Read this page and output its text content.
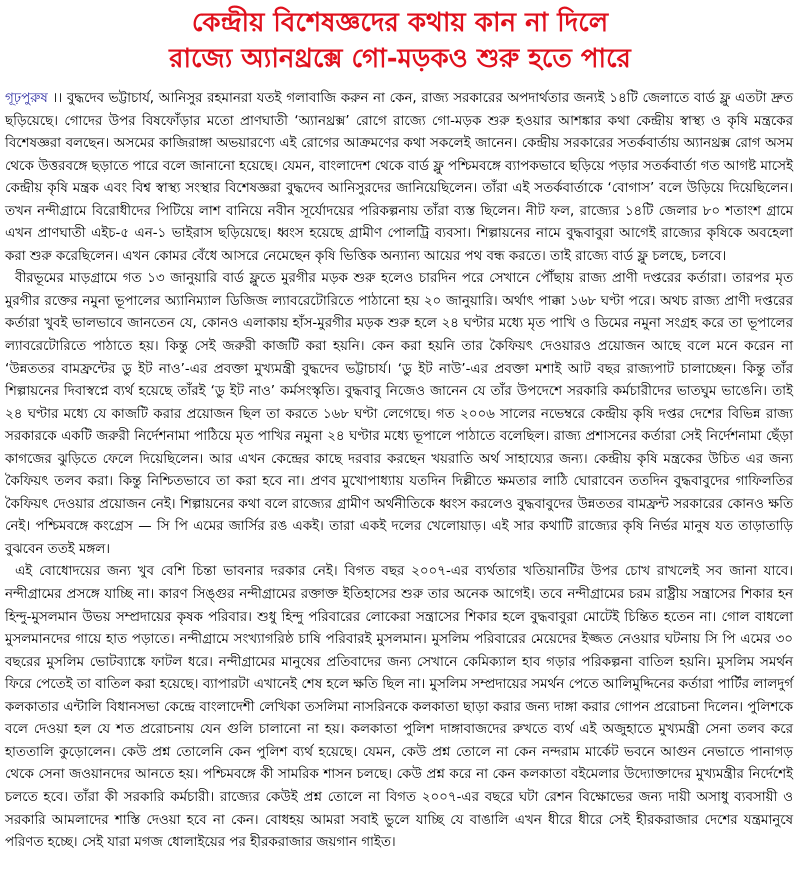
কেন্দ্রীয় বিশেষজ্ঞদের কথায় কান না দিলে
রাজ্যে অ্যানথ্রক্সে গো-মড়কও শুরু হতে পারে

গূঢ়পুরুষ ।। বুদ্ধদেব ভট্টাচার্য, আনিসুর রহমানরা যতই গলাবাজি করুন না কেন, রাজ্য সরকারের অপদার্থতার জন্যই ১৪টি জেলাতে বার্ড ফ্লু এতটা দ্রুত ছড়িয়েছে। গোদের উপর বিষফোঁড়ার মতো প্রাণঘাতী ‘অ্যানথ্রক্স’ রোগে রাজ্যে গো-মড়ক শুরু হওয়ার আশঙ্কার কথা কেন্দ্রীয় স্বাস্থ্য ও কৃষি মন্ত্রকের বিশেষজ্ঞরা বলছেন। অসমের কাজিরাঙ্গা অভয়ারণ্যে এই রোগের আক্রমণের কথা সকলেই জানেন। কেন্দ্রীয় সরকারের সতর্কবার্তায় অ্যানথ্রক্স রোগ অসম থেকে উত্তরবঙ্গে ছড়াতে পারে বলে জানানো হয়েছে। যেমন, বাংলাদেশ থেকে বার্ড ফ্লু পশ্চিমবঙ্গে ব্যাপকভাবে ছড়িয়ে পড়ার সতর্কবার্তা গত আগষ্ট মাসেই কেন্দ্রীয় কৃষি মন্ত্রক এবং বিশ্ব স্বাস্থ্য সংস্থার বিশেষজ্ঞরা বুদ্ধদেব আনিসুরদের জানিয়েছিলেন। তাঁরা এই সতর্কবার্তাকে ‘বোগাস’ বলে উড়িয়ে দিয়েছিলেন। তখন নন্দীগ্রামে বিরোধীদের পিটিয়ে লাশ বানিয়ে নবীন সূর্যোদয়ের পরিকল্পনায় তাঁরা ব্যস্ত ছিলেন। নীট ফল, রাজ্যের ১৪টি জেলার ৮০ শতাংশ গ্রামে এখন প্রাণঘাতী এইচ-৫ এন-১ ভাইরাস ছড়িয়েছে। ধ্বংস হয়েছে গ্রামীণ পোলট্রি ব্যবসা। শিল্পায়নের নামে বুদ্ধবাবুরা আগেই রাজ্যের কৃষিকে অবহেলা করা শুরু করেছিলেন। এখন কোমর বেঁধে আসরে নেমেছেন কৃষি ভিত্তিক অন্যান্য আয়ের পথ বন্ধ করতে। তাই রাজ্যে বার্ড ফ্লু চলছে, চলবে।

বীরভূমের মাড়গ্রামে গত ১৩ জানুয়ারি বার্ড ফ্লুতে মুরগীর মড়ক শুরু হলেও চারদিন পরে সেখানে পৌঁছায় রাজ্য প্রাণী দপ্তরের কর্তারা। তারপর মৃত মুরগীর রক্তের নমুনা ভূপালের অ্যানিম্যাল ডিজিজ ল্যাবরেটোরিতে পাঠানো হয় ২০ জানুয়ারি। অর্থাৎ পাক্কা ১৬৮ ঘণ্টা পরে। অথচ রাজ্য প্রাণী দপ্তরের কর্তারা খুবই ভালভাবে জানতেন যে, কোনও এলাকায় হাঁস-মুরগীর মড়ক শুরু হলে ২৪ ঘণ্টার মধ্যে মৃত পাখি ও ডিমের নমুনা সংগ্রহ করে তা ভূপালের ল্যাবরেটোরিতে পাঠাতে হয়। কিন্তু সেই জরুরী কাজটি করা হয়নি। কেন করা হয়নি তার কৈফিয়ৎ দেওয়ারও প্রয়োজন আছে বলে মনে করেন না ‘উন্নততর বামফ্রন্টের ডু ইট নাও’-এর প্রবক্তা মুখ্যমন্ত্রী বুদ্ধদেব ভট্টাচার্য। ‘ডু ইট নাউ’-এর প্রবক্তা মশাই আট বছর রাজ্যপাট চালাচ্ছেন। কিন্তু তাঁর শিল্পায়নের দিবাস্বপ্নে ব্যর্থ হয়েছে তাঁরই ‘ডু ইট নাও’ কর্মসংস্কৃতি। বুদ্ধবাবু নিজেও জানেন যে তাঁর উপদেশে সরকারি কর্মচারীদের ভাতঘুম ভাঙেনি। তাই ২৪ ঘণ্টার মধ্যে যে কাজটি করার প্রয়োজন ছিল তা করতে ১৬৮ ঘণ্টা লেগেছে। গত ২০০৬ সালের নভেম্বরে কেন্দ্রীয় কৃষি দপ্তর দেশের বিভিন্ন রাজ্য সরকারকে একটি জরুরী নির্দেশনামা পাঠিয়ে মৃত পাখির নমুনা ২৪ ঘণ্টার মধ্যে ভূপালে পাঠাতে বলেছিল। রাজ্য প্রশাসনের কর্তারা সেই নির্দেশনামা ছেঁড়া কাগজের ঝুড়িতে ফেলে দিয়েছিলেন। আর এখন কেন্দ্রের কাছে দরবার করছেন খয়রাতি অর্থ সাহায্যের জন্য। কেন্দ্রীয় কৃষি মন্ত্রকের উচিত এর জন্য কৈফিয়ৎ তলব করা। কিন্তু নিশ্চিতভাবে তা করা হবে না। প্রণব মুখোপাধ্যায় যতদিন দিল্লীতে ক্ষমতার লাঠি ঘোরাবেন ততদিন বুদ্ধবাবুদের গাফিলতির কৈফিয়ৎ দেওয়ার প্রয়োজন নেই। শিল্পায়নের কথা বলে রাজ্যের গ্রামীণ অর্থনীতিকে ধ্বংস করলেও বুদ্ধবাবুদের উন্নততর বামফ্রন্ট সরকারের কোনও ক্ষতি নেই। পশ্চিমবঙ্গে কংগ্রেস — সি পি এমের জার্সির রঙ একই। তারা একই দলের খেলোয়াড়। এই সার কথাটি রাজ্যের কৃষি নির্ভর মানুষ যত তাড়াতাড়ি বুঝবেন ততই মঙ্গল।

এই বোধোদয়ের জন্য খুব বেশি চিন্তা ভাবনার দরকার নেই। বিগত বছর ২০০৭-এর ব্যর্থতার খতিয়ানটির উপর চোখ রাখলেই সব জানা যাবে। নন্দীগ্রামের প্রসঙ্গে যাচ্ছি না। কারণ সিঙ্গুর নন্দীগ্রামের রক্তাক্ত ইতিহাসের শুরু তার অনেক আগেই। তবে নন্দীগ্রামের চরম রাষ্ট্রীয় সন্ত্রাসের শিকার হন হিন্দু-মুসলমান উভয় সম্প্রদায়ের কৃষক পরিবার। শুধু হিন্দু পরিবারের লোকেরা সন্ত্রাসের শিকার হলে বুদ্ধবাবুরা মোটেই চিন্তিত হতেন না। গোল বাধলো মুসলমানদের গায়ে হাত পড়াতে। নন্দীগ্রামে সংখ্যাগরিষ্ঠ চাষি পরিবারই মুসলমান। মুসলিম পরিবারের মেয়েদের ইজ্জত নেওয়ার ঘটনায় সি পি এমের ৩০ বছরের মুসলিম ভোটব্যাঙ্কে ফাটল ধরে। নন্দীগ্রামের মানুষের প্রতিবাদের জন্য সেখানে কেমিক্যাল হাব গড়ার পরিকল্পনা বাতিল হয়নি। মুসলিম সমর্থন ফিরে পেতেই তা বাতিল করা হয়েছে। ব্যাপারটা এখানেই শেষ হলে ক্ষতি ছিল না। মুসলিম সম্প্রদায়ের সমর্থন পেতে আলিমুদ্দিনের কর্তারা পার্টির লালদুর্গ কলকাতার এন্টালি বিধানসভা কেন্দ্রে বাংলাদেশী লেখিকা তসলিমা নাসরিনকে কলকাতা ছাড়া করার জন্য দাঙ্গা করার গোপন প্ররোচনা দিলেন। পুলিশকে বলে দেওয়া হল যে শত প্ররোচনায় যেন গুলি চালানো না হয়। কলকাতা পুলিশ দাঙ্গাবাজদের রুখতে ব্যর্থ এই অজুহাতে মুখ্যমন্ত্রী সেনা তলব করে হাততালি কুড়োলেন। কেউ প্রশ্ন তোলেনি কেন পুলিশ ব্যর্থ হয়েছে। যেমন, কেউ প্রশ্ন তোলে না কেন নন্দরাম মার্কেট ভবনে আগুন নেভাতে পানাগড় থেকে সেনা জওয়ানদের আনতে হয়। পশ্চিমবঙ্গে কী সামরিক শাসন চলছে। কেউ প্রশ্ন করে না কেন কলকাতা বইমেলার উদ্যোক্তাদের মুখ্যমন্ত্রীর নির্দেশেই চলতে হবে। তাঁরা কী সরকারি কর্মচারী। রাজ্যের কেউই প্রশ্ন তোলে না বিগত ২০০৭-এর বছরে ঘটা রেশন বিক্ষোভের জন্য দায়ী অসাধু ব্যবসায়ী ও সরকারি আমলাদের শাস্তি দেওয়া হবে না কেন। বোধহয় আমরা সবাই ভুলে যাচ্ছি যে বাঙালি এখন ধীরে ধীরে সেই হীরকরাজার দেশের যন্ত্রমানুষে পরিণত হচ্ছে। সেই যারা মগজ ধোলাইয়ের পর হীরকরাজার জয়গান গাইত।
